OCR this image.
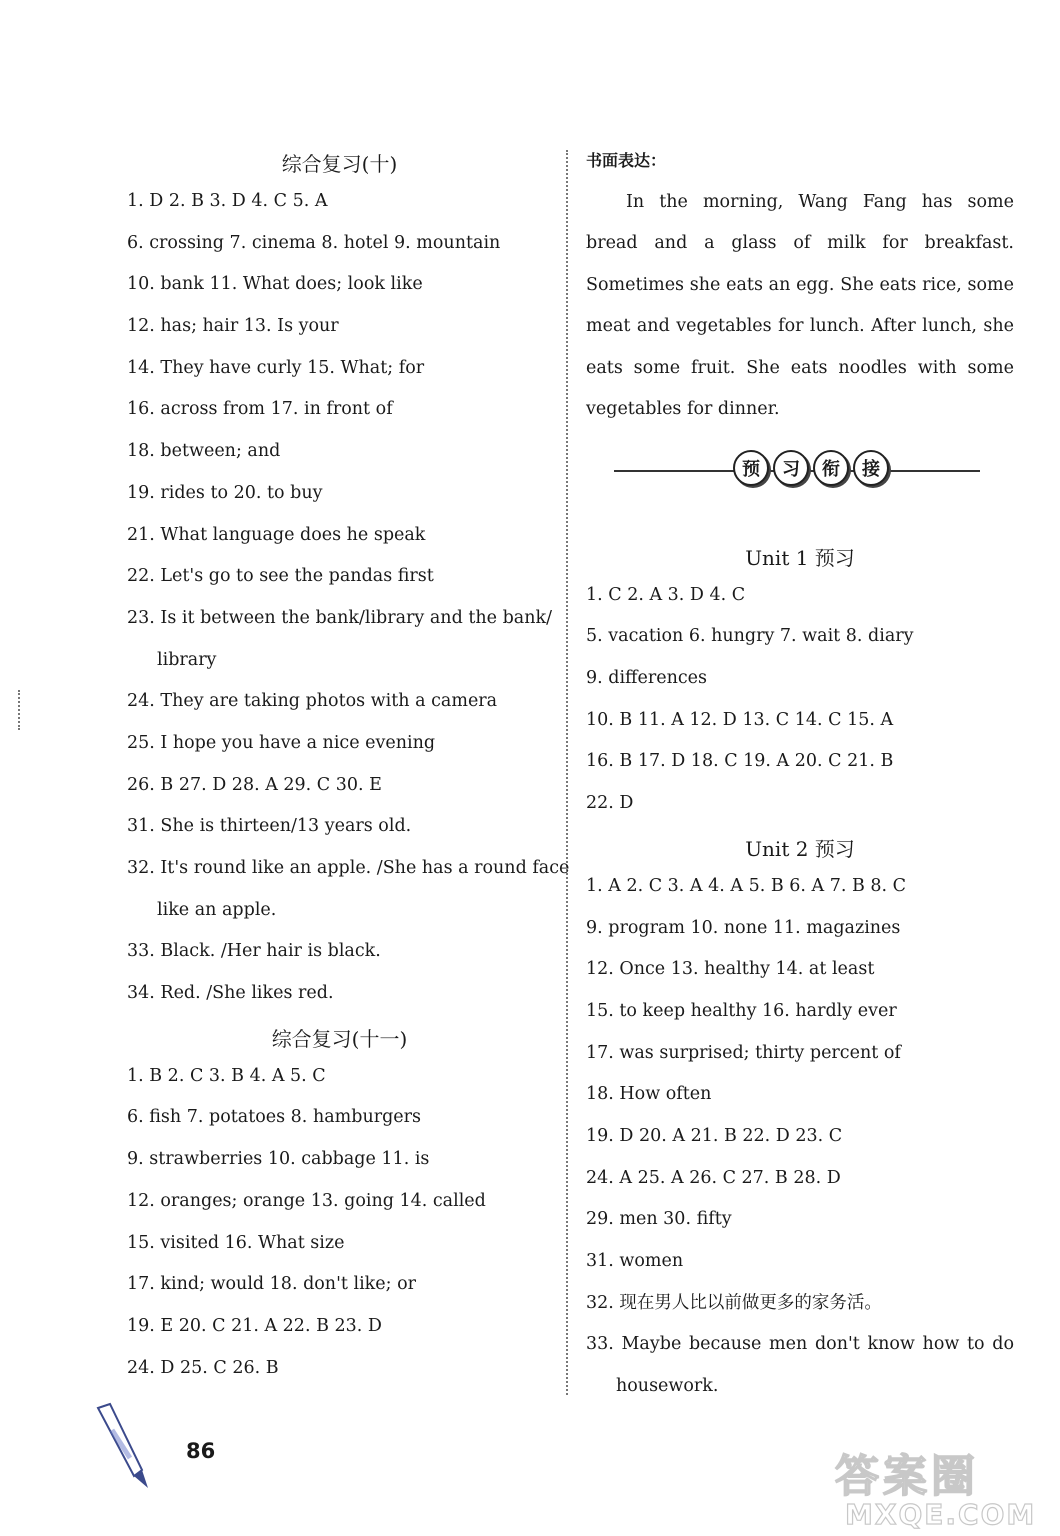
综合复习(十)
1. D 2. B 3. D 4. C 5. A
6. crossing 7. cinema 8. hotel 9. mountain
10. bank 11. What does; look like
12. has; hair 13. Is your
14. They have curly 15. What; for
16. across from 17. in front of
18. between; and
19. rides to 20. to buy
21. What language does he speak
22. Let's go to see the pandas first
23. Is it between the bank/library and the bank/
library
24. They are taking photos with a camera
25. I hope you have a nice evening
26. B 27. D 28. A 29. C 30. E
31. She is thirteen/13 years old.
32. It's round like an apple. /She has a round face
like an apple.
33. Black. /Her hair is black.
34. Red. /She likes red.
综合复习(十一)
1. B 2. C 3. B 4. A 5. C
6. fish 7. potatoes 8. hamburgers
9. strawberries 10. cabbage 11. is
12. oranges; orange 13. going 14. called
15. visited 16. What size
17. kind; would 18. don't like; or
19. E 20. C 21. A 22. B 23. D
24. D 25. C 26. B
书面表达：

In the morning, Wang Fang has some bread and a glass of milk for breakfast. Sometimes she eats an egg. She eats rice, some meat and vegetables for lunch. After lunch, she eats some fruit. She eats noodles with some vegetables for dinner.

Unit 1 预习
1. C 2. A 3. D 4. C
5. vacation 6. hungry 7. wait 8. diary
9. differences
10. B 11. A 12. D 13. C 14. C 15. A
16. B 17. D 18. C 19. A 20. C 21. B
22. D
Unit 2 预习
1. A 2. C 3. A 4. A 5. B 6. A 7. B 8. C
9. program 10. none 11. magazines
12. Once 13. healthy 14. at least
15. to keep healthy 16. hardly ever
17. was surprised; thirty percent of
18. How often
19. D 20. A 21. B 22. D 23. C
24. A 25. A 26. C 27. B 28. D
29. men 30. fifty
31. women
32. 现在男人比以前做更多的家务活。
33. Maybe because men don't know how to do
housework.
预	习	衔	接
86	答案圈
MXQE.COM
